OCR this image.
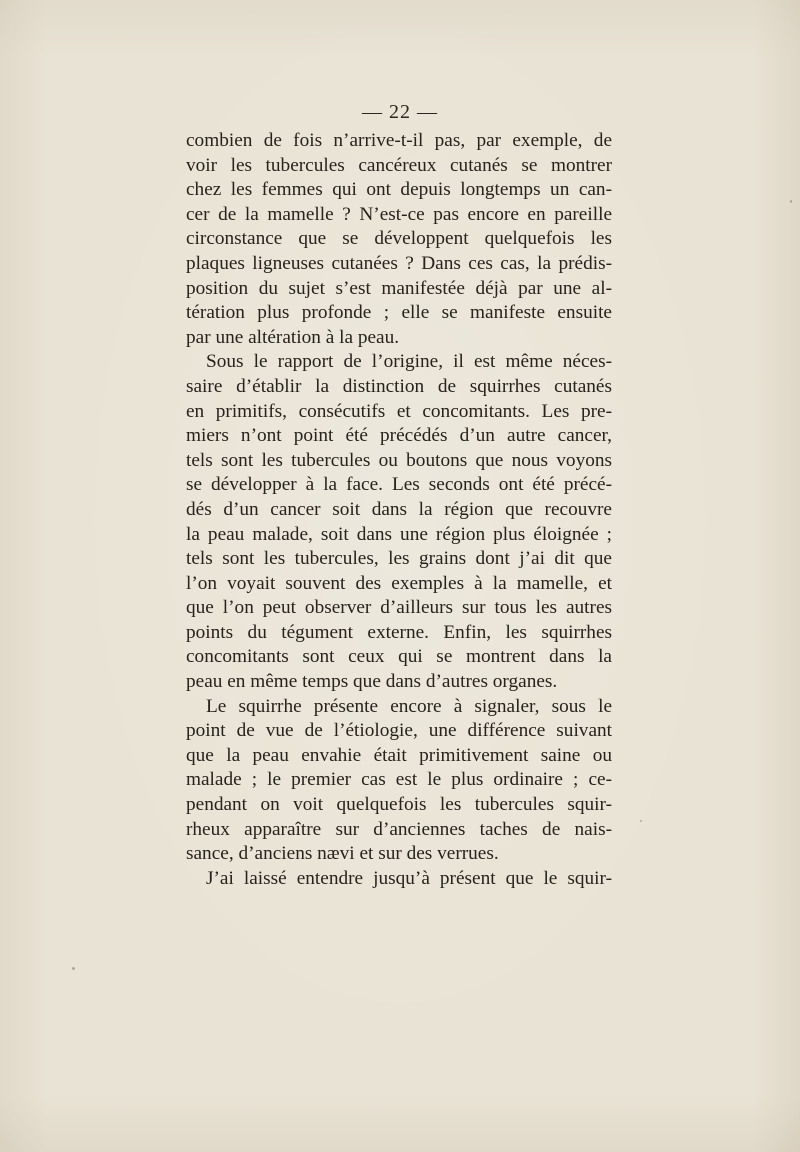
— 22 —
combien de fois n’arrive-t-il pas, par exemple, de
voir les tubercules cancéreux cutanés se montrer
chez les femmes qui ont depuis longtemps un can-
cer de la mamelle ? N’est-ce pas encore en pareille
circonstance que se développent quelquefois les
plaques ligneuses cutanées ? Dans ces cas, la prédis-
position du sujet s’est manifestée déjà par une al-
tération plus profonde ; elle se manifeste ensuite
par une altération à la peau.
Sous le rapport de l’origine, il est même néces-
saire d’établir la distinction de squirrhes cutanés
en primitifs, consécutifs et concomitants. Les pre-
miers n’ont point été précédés d’un autre cancer,
tels sont les tubercules ou boutons que nous voyons
se développer à la face. Les seconds ont été précé-
dés d’un cancer soit dans la région que recouvre
la peau malade, soit dans une région plus éloignée ;
tels sont les tubercules, les grains dont j’ai dit que
l’on voyait souvent des exemples à la mamelle, et
que l’on peut observer d’ailleurs sur tous les autres
points du tégument externe. Enfin, les squirrhes
concomitants sont ceux qui se montrent dans la
peau en même temps que dans d’autres organes.
Le squirrhe présente encore à signaler, sous le
point de vue de l’étiologie, une différence suivant
que la peau envahie était primitivement saine ou
malade ; le premier cas est le plus ordinaire ; ce-
pendant on voit quelquefois les tubercules squir-
rheux apparaître sur d’anciennes taches de nais-
sance, d’anciens nævi et sur des verrues.
J’ai laissé entendre jusqu’à présent que le squir-
